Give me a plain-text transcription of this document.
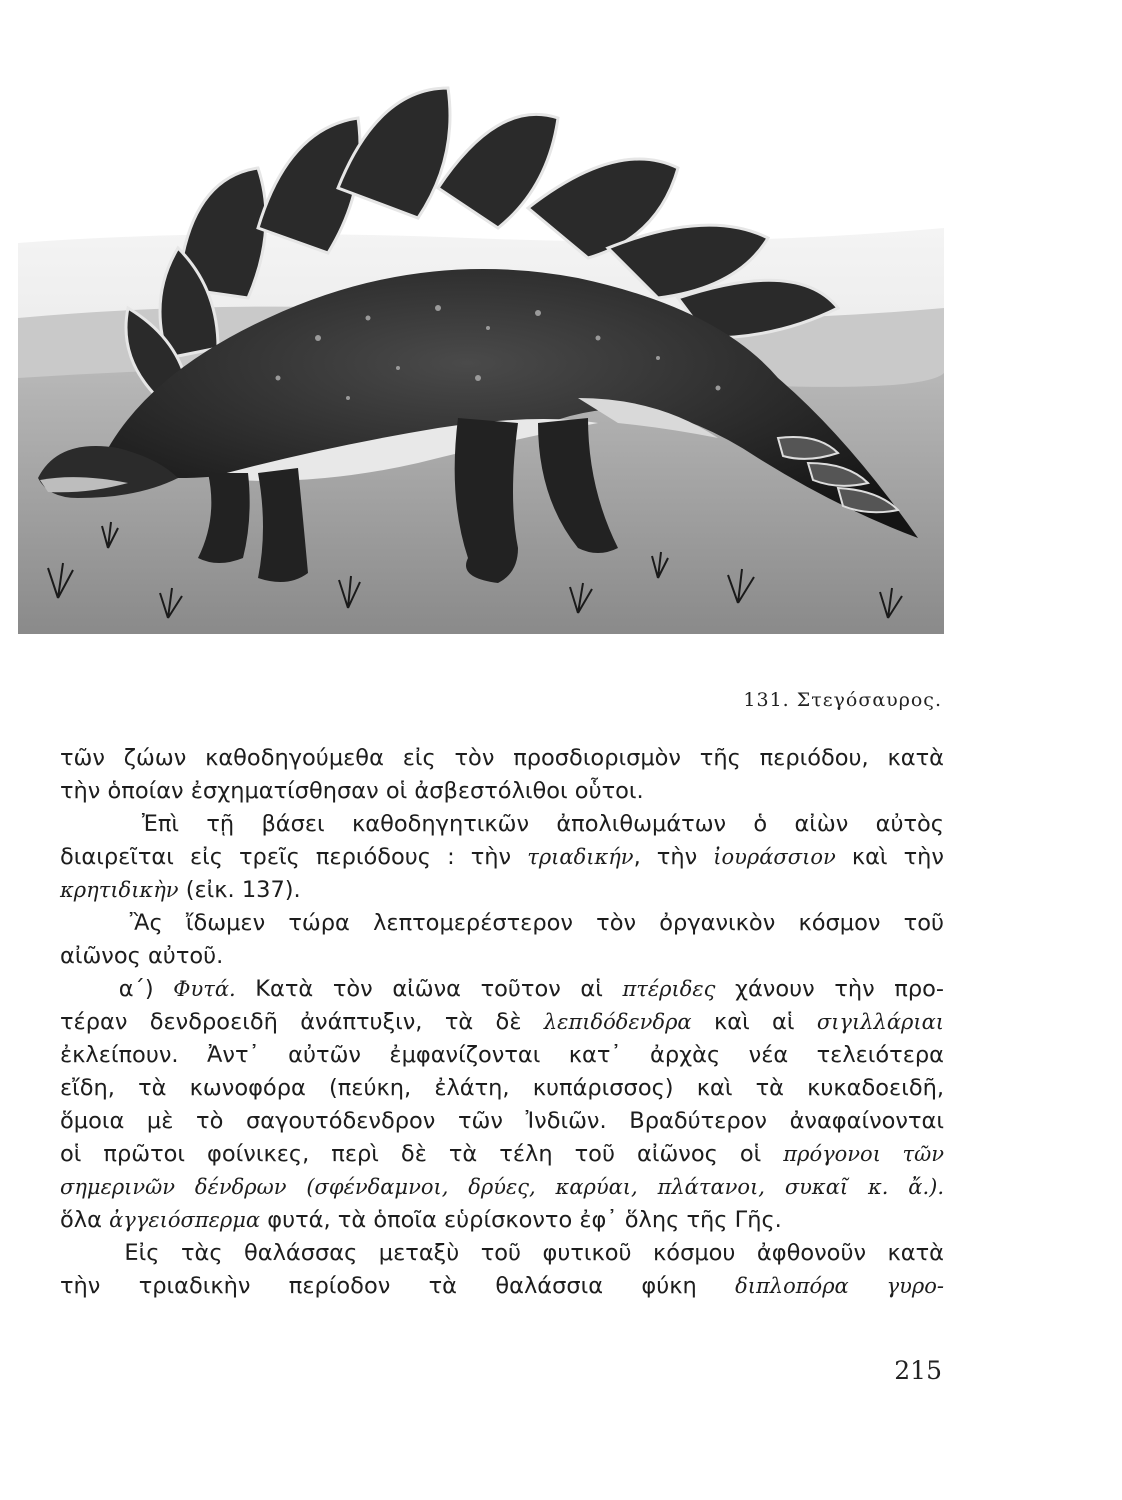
131. Στεγόσαυρος.
τῶν ζώων καθοδηγούμεθα εἰς τὸν προσδιορισμὸν τῆς περιόδου, κατὰ
τὴν ὁποίαν ἐσχηματίσθησαν οἱ ἀσβεστόλιθοι οὗτοι.
Ἐπὶ τῇ βάσει καθοδηγητικῶν ἀπολιθωμάτων ὁ αἰὼν αὐτὸς
διαιρεῖται εἰς τρεῖς περιόδους : τὴν τριαδικήν, τὴν ἰουράσσιον καὶ τὴν
κρητιδικὴν (εἰκ. 137).
Ἂς ἴδωμεν τώρα λεπτομερέστερον τὸν ὀργανικὸν κόσμον τοῦ
αἰῶνος αὐτοῦ.
α΄) Φυτά. Κατὰ τὸν αἰῶνα τοῦτον αἱ πτέριδες χάνουν τὴν προ-
τέραν δενδροειδῆ ἀνάπτυξιν, τὰ δὲ λεπιδόδενδρα καὶ αἱ σιγιλλάριαι
ἐκλείπουν. Ἀντ᾿ αὐτῶν ἐμφανίζονται κατ᾿ ἀρχὰς νέα τελειότερα
εἴδη, τὰ κωνοφόρα (πεύκη, ἐλάτη, κυπάρισσος) καὶ τὰ κυκαδοειδῆ,
ὅμοια μὲ τὸ σαγουτόδενδρον τῶν Ἰνδιῶν. Βραδύτερον ἀναφαίνονται
οἱ πρῶτοι φοίνικες, περὶ δὲ τὰ τέλη τοῦ αἰῶνος οἱ πρόγονοι τῶν
σημερινῶν δένδρων (σφένδαμνοι, δρύες, καρύαι, πλάτανοι, συκαῖ κ. ἄ.).
ὅλα ἀγγειόσπερμα φυτά, τὰ ὁποῖα εὑρίσκοντο ἐφ᾿ ὅλης τῆς Γῆς.
Εἰς τὰς θαλάσσας μεταξὺ τοῦ φυτικοῦ κόσμου ἀφθονοῦν κατὰ
τὴν τριαδικὴν περίοδον τὰ θαλάσσια φύκη διπλοπόρα γυρο-
215
